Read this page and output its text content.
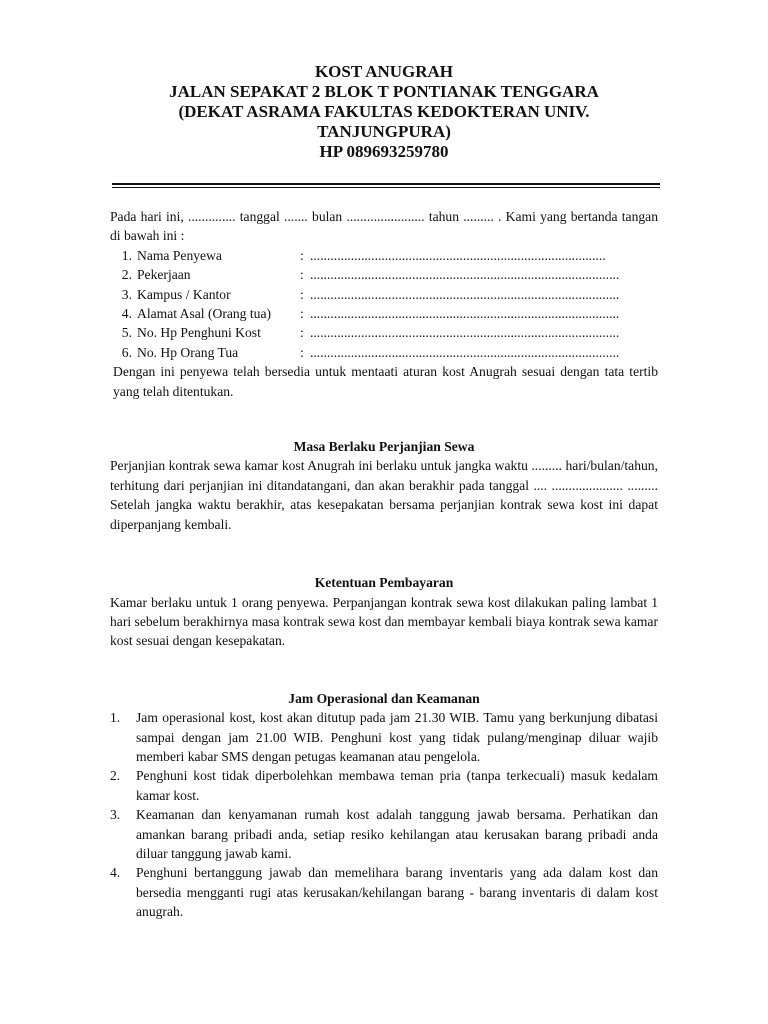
KOST ANUGRAH
JALAN SEPAKAT 2 BLOK T PONTIANAK TENGGARA
(DEKAT ASRAMA FAKULTAS KEDOKTERAN UNIV.
TANJUNGPURA)
HP 089693259780

Pada hari ini, .............. tanggal ....... bulan ....................... tahun ......... . Kami yang bertanda tangan di bawah ini :

1. Nama Penyewa	: .......................................................................................
2. Pekerjaan	: ...........................................................................................
3. Kampus / Kantor	: ...........................................................................................
4. Alamat Asal (Orang tua)	: ...........................................................................................
5. No. Hp Penghuni Kost	: ...........................................................................................
6. No. Hp Orang Tua	: ...........................................................................................

Dengan ini penyewa telah bersedia untuk mentaati aturan kost Anugrah sesuai dengan tata tertib yang telah ditentukan.

Masa Berlaku Perjanjian Sewa

Perjanjian kontrak sewa kamar kost Anugrah ini berlaku untuk jangka waktu ......... hari/bulan/tahun, terhitung dari perjanjian ini ditandatangani, dan akan berakhir pada tanggal .... ..................... ......... Setelah jangka waktu berakhir, atas kesepakatan bersama perjanjian kontrak sewa kost ini dapat diperpanjang kembali.

Ketentuan Pembayaran

Kamar berlaku untuk 1 orang penyewa. Perpanjangan kontrak sewa kost dilakukan paling lambat 1 hari sebelum berakhirnya masa kontrak sewa kost dan membayar kembali biaya kontrak sewa kamar kost sesuai dengan kesepakatan.

Jam Operasional dan Keamanan

1.	Jam operasional kost, kost akan ditutup pada jam 21.30 WIB. Tamu yang berkunjung dibatasi sampai dengan jam 21.00 WIB. Penghuni kost yang tidak pulang/menginap diluar wajib memberi kabar SMS dengan petugas keamanan atau pengelola.
2.	Penghuni kost tidak diperbolehkan membawa teman pria (tanpa terkecuali) masuk kedalam kamar kost.
3.	Keamanan dan kenyamanan rumah kost adalah tanggung jawab bersama. Perhatikan dan amankan barang pribadi anda, setiap resiko kehilangan atau kerusakan barang pribadi anda diluar tanggung jawab kami.
4.	Penghuni bertanggung jawab dan memelihara barang inventaris yang ada dalam kost dan bersedia mengganti rugi atas kerusakan/kehilangan barang - barang inventaris di dalam kost anugrah.
